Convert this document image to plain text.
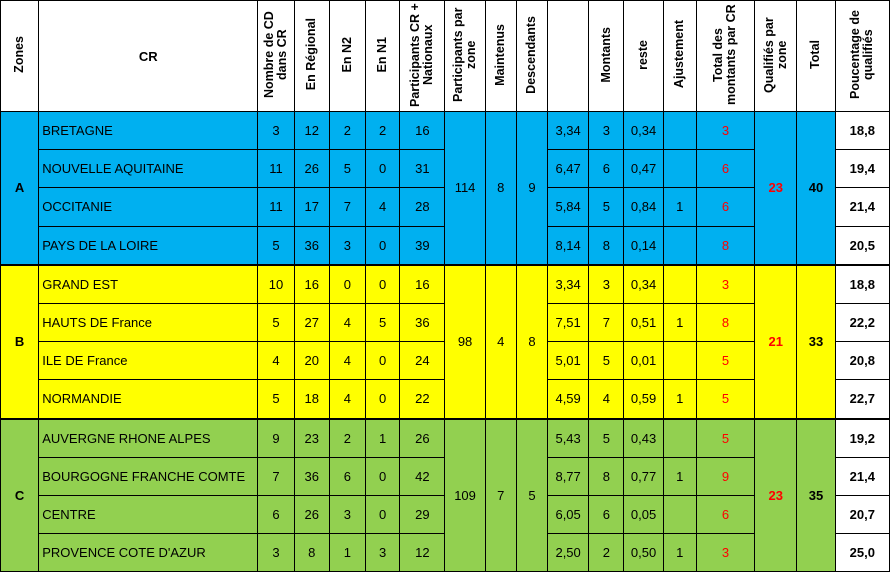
Zones	CR	Nombre de CD dans CR	En Régional	En N2	En N1	Participants CR + Nationaux	Participants par zone	Maintenus	Descendants		Montants	reste	Ajustement	Total des montants par CR	Qualifiés par zone	Total	Poucentage de qualifiés
A	BRETAGNE	3	12	2	2	16	114	8	9	3,34	3	0,34		3	23	40	18,8
	NOUVELLE AQUITAINE	11	26	5	0	31				6,47	6	0,47		6			19,4
	OCCITANIE	11	17	7	4	28				5,84	5	0,84	1	6			21,4
	PAYS DE LA LOIRE	5	36	3	0	39				8,14	8	0,14		8			20,5
B	GRAND EST	10	16	0	0	16	98	4	8	3,34	3	0,34		3	21	33	18,8
	HAUTS DE France	5	27	4	5	36				7,51	7	0,51	1	8			22,2
	ILE DE France	4	20	4	0	24				5,01	5	0,01		5			20,8
	NORMANDIE	5	18	4	0	22				4,59	4	0,59	1	5			22,7
C	AUVERGNE RHONE ALPES	9	23	2	1	26	109	7	5	5,43	5	0,43		5	23	35	19,2
	BOURGOGNE FRANCHE COMTE	7	36	6	0	42				8,77	8	0,77	1	9			21,4
	CENTRE	6	26	3	0	29				6,05	6	0,05		6			20,7
	PROVENCE COTE D'AZUR	3	8	1	3	12				2,50	2	0,50	1	3			25,0
